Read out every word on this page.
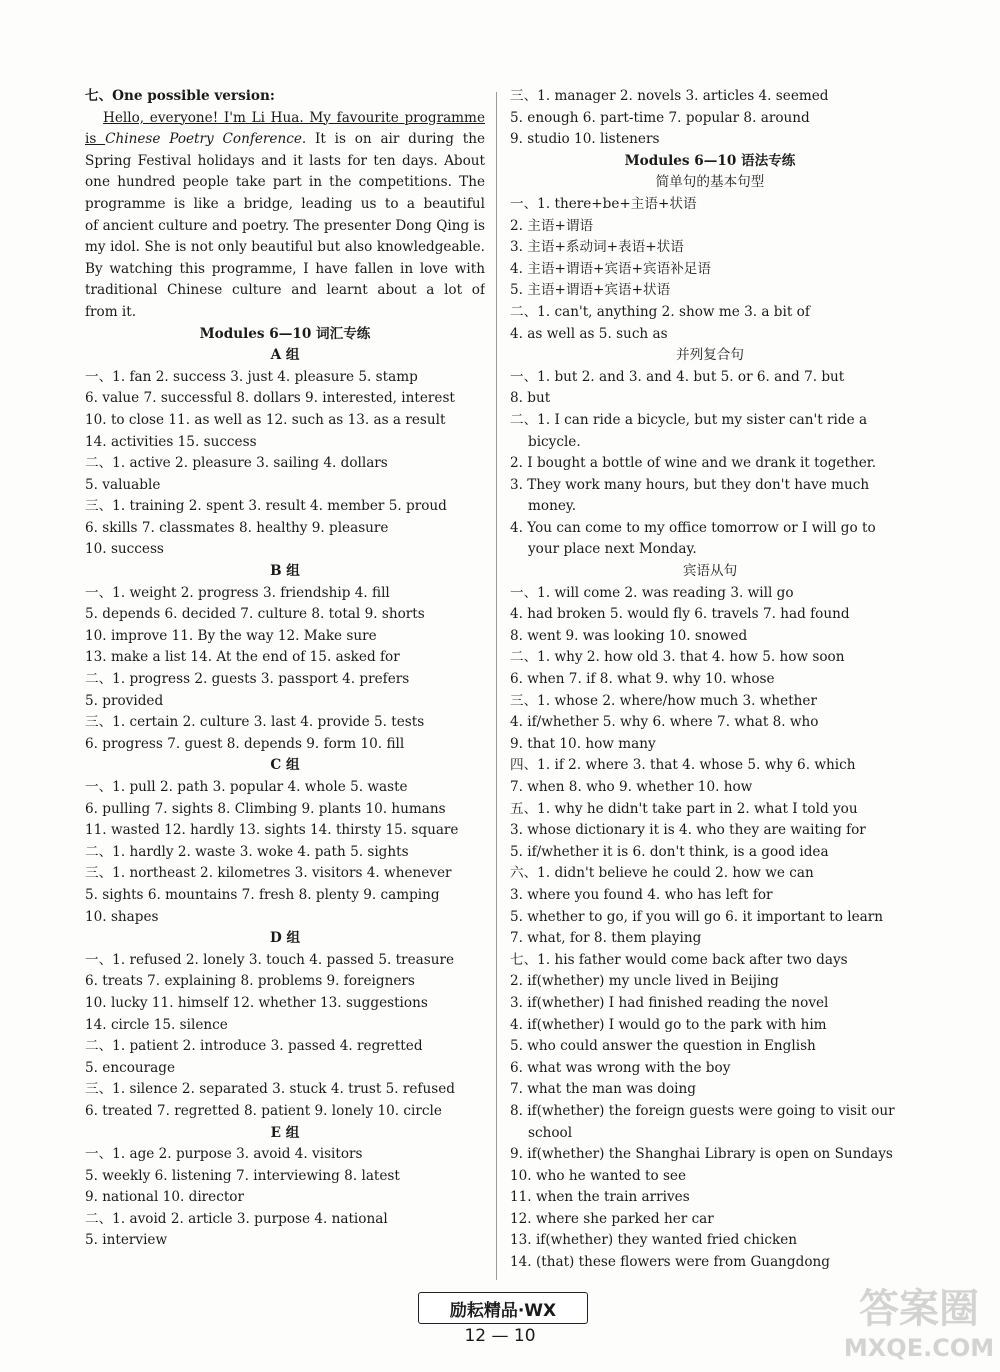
七、One possible version:
Hello, everyone! I'm Li Hua. My favourite programme
is Chinese Poetry Conference. It is on air during the
Spring Festival holidays and it lasts for ten days. About
one hundred people take part in the competitions. The
programme is like a bridge, leading us to a beautiful
of ancient culture and poetry. The presenter Dong Qing is
my idol. She is not only beautiful but also knowledgeable.
By watching this programme, I have fallen in love with
traditional Chinese culture and learnt about a lot of
from it.
Modules 6—10 词汇专练
A 组
一、1. fan 2. success 3. just 4. pleasure 5. stamp
6. value 7. successful 8. dollars 9. interested, interest
10. to close 11. as well as 12. such as 13. as a result
14. activities 15. success
二、1. active 2. pleasure 3. sailing 4. dollars
5. valuable
三、1. training 2. spent 3. result 4. member 5. proud
6. skills 7. classmates 8. healthy 9. pleasure
10. success
B 组
一、1. weight 2. progress 3. friendship 4. fill
5. depends 6. decided 7. culture 8. total 9. shorts
10. improve 11. By the way 12. Make sure
13. make a list 14. At the end of 15. asked for
二、1. progress 2. guests 3. passport 4. prefers
5. provided
三、1. certain 2. culture 3. last 4. provide 5. tests
6. progress 7. guest 8. depends 9. form 10. fill
C 组
一、1. pull 2. path 3. popular 4. whole 5. waste
6. pulling 7. sights 8. Climbing 9. plants 10. humans
11. wasted 12. hardly 13. sights 14. thirsty 15. square
二、1. hardly 2. waste 3. woke 4. path 5. sights
三、1. northeast 2. kilometres 3. visitors 4. whenever
5. sights 6. mountains 7. fresh 8. plenty 9. camping
10. shapes
D 组
一、1. refused 2. lonely 3. touch 4. passed 5. treasure
6. treats 7. explaining 8. problems 9. foreigners
10. lucky 11. himself 12. whether 13. suggestions
14. circle 15. silence
二、1. patient 2. introduce 3. passed 4. regretted
5. encourage
三、1. silence 2. separated 3. stuck 4. trust 5. refused
6. treated 7. regretted 8. patient 9. lonely 10. circle
E 组
一、1. age 2. purpose 3. avoid 4. visitors
5. weekly 6. listening 7. interviewing 8. latest
9. national 10. director
二、1. avoid 2. article 3. purpose 4. national
5. interview
三、1. manager 2. novels 3. articles 4. seemed
5. enough 6. part-time 7. popular 8. around
9. studio 10. listeners
Modules 6—10 语法专练
简单句的基本句型
一、1. there+be+主语+状语
2. 主语+谓语
3. 主语+系动词+表语+状语
4. 主语+谓语+宾语+宾语补足语
5. 主语+谓语+宾语+状语
二、1. can't, anything 2. show me 3. a bit of
4. as well as 5. such as
并列复合句
一、1. but 2. and 3. and 4. but 5. or 6. and 7. but
8. but
二、1. I can ride a bicycle, but my sister can't ride a
bicycle.
2. I bought a bottle of wine and we drank it together.
3. They work many hours, but they don't have much
money.
4. You can come to my office tomorrow or I will go to
your place next Monday.
宾语从句
一、1. will come 2. was reading 3. will go
4. had broken 5. would fly 6. travels 7. had found
8. went 9. was looking 10. snowed
二、1. why 2. how old 3. that 4. how 5. how soon
6. when 7. if 8. what 9. why 10. whose
三、1. whose 2. where/how much 3. whether
4. if/whether 5. why 6. where 7. what 8. who
9. that 10. how many
四、1. if 2. where 3. that 4. whose 5. why 6. which
7. when 8. who 9. whether 10. how
五、1. why he didn't take part in 2. what I told you
3. whose dictionary it is 4. who they are waiting for
5. if/whether it is 6. don't think, is a good idea
六、1. didn't believe he could 2. how we can
3. where you found 4. who has left for
5. whether to go, if you will go 6. it important to learn
7. what, for 8. them playing
七、1. his father would come back after two days
2. if(whether) my uncle lived in Beijing
3. if(whether) I had finished reading the novel
4. if(whether) I would go to the park with him
5. who could answer the question in English
6. what was wrong with the boy
7. what the man was doing
8. if(whether) the foreign guests were going to visit our
school
9. if(whether) the Shanghai Library is open on Sundays
10. who he wanted to see
11. when the train arrives
12. where she parked her car
13. if(whether) they wanted fried chicken
14. (that) these flowers were from Guangdong
励耘精品·WX
12 — 10
答案圈
MXQE.COM
